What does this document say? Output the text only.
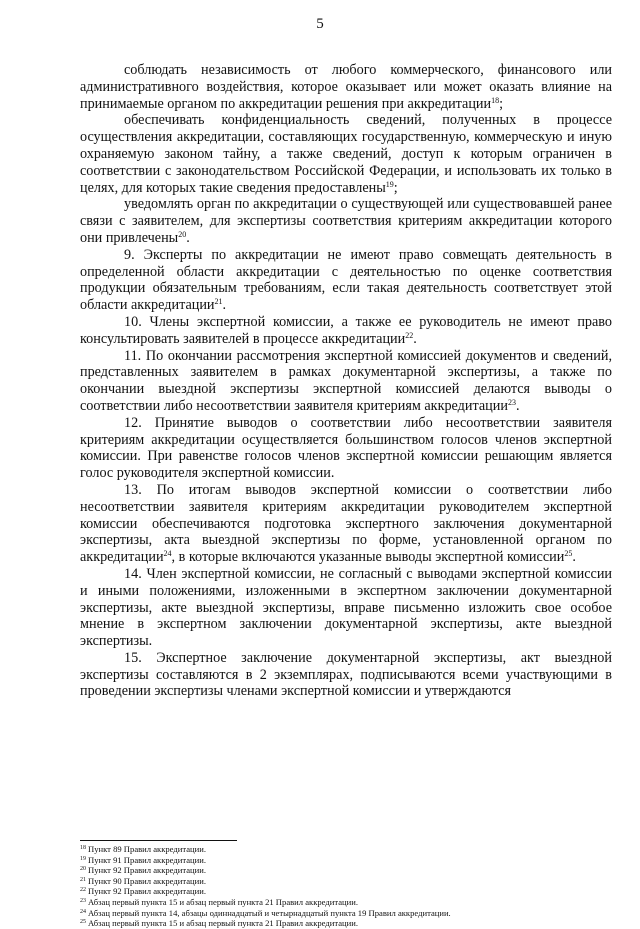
5

соблюдать независимость от любого коммерческого, финансового или административного воздействия, которое оказывает или может оказать влияние на принимаемые органом по аккредитации решения при аккредитации$^{18}$;

обеспечивать конфиденциальность сведений, полученных в процессе осуществления аккредитации, составляющих государственную, коммерческую и иную охраняемую законом тайну, а также сведений, доступ к которым ограничен в соответствии с законодательством Российской Федерации, и использовать их только в целях, для которых такие сведения предоставлены$^{19}$;

уведомлять орган по аккредитации о существующей или существовавшей ранее связи с заявителем, для экспертизы соответствия критериям аккредитации которого они привлечены$^{20}$.

9. Эксперты по аккредитации не имеют право совмещать деятельность в определенной области аккредитации с деятельностью по оценке соответствия продукции обязательным требованиям, если такая деятельность соответствует этой области аккредитации$^{21}$.

10. Члены экспертной комиссии, а также ее руководитель не имеют право консультировать заявителей в процессе аккредитации$^{22}$.

11. По окончании рассмотрения экспертной комиссией документов и сведений, представленных заявителем в рамках документарной экспертизы, а также по окончании выездной экспертизы экспертной комиссией делаются выводы о соответствии либо несоответствии заявителя критериям аккредитации$^{23}$.

12. Принятие выводов о соответствии либо несоответствии заявителя критериям аккредитации осуществляется большинством голосов членов экспертной комиссии. При равенстве голосов членов экспертной комиссии решающим является голос руководителя экспертной комиссии.

13. По итогам выводов экспертной комиссии о соответствии либо несоответствии заявителя критериям аккредитации руководителем экспертной комиссии обеспечиваются подготовка экспертного заключения документарной экспертизы, акта выездной экспертизы по форме, установленной органом по аккредитации$^{24}$, в которые включаются указанные выводы экспертной комиссии$^{25}$.

14. Член экспертной комиссии, не согласный с выводами экспертной комиссии и иными положениями, изложенными в экспертном заключении документарной экспертизы, акте выездной экспертизы, вправе письменно изложить свое особое мнение в экспертном заключении документарной экспертизы, акте выездной экспертизы.

15. Экспертное заключение документарной экспертизы, акт выездной экспертизы составляются в 2 экземплярах, подписываются всеми участвующими в проведении экспертизы членами экспертной комиссии и утверждаются

$^{18}$ Пункт 89 Правил аккредитации.

$^{19}$ Пункт 91 Правил аккредитации.

$^{20}$ Пункт 92 Правил аккредитации.

$^{21}$ Пункт 90 Правил аккредитации.

$^{22}$ Пункт 92 Правил аккредитации.

$^{23}$ Абзац первый пункта 15 и абзац первый пункта 21 Правил аккредитации.

$^{24}$ Абзац первый пункта 14, абзацы одиннадцатый и четырнадцатый пункта 19 Правил аккредитации.

$^{25}$ Абзац первый пункта 15 и абзац первый пункта 21 Правил аккредитации.
